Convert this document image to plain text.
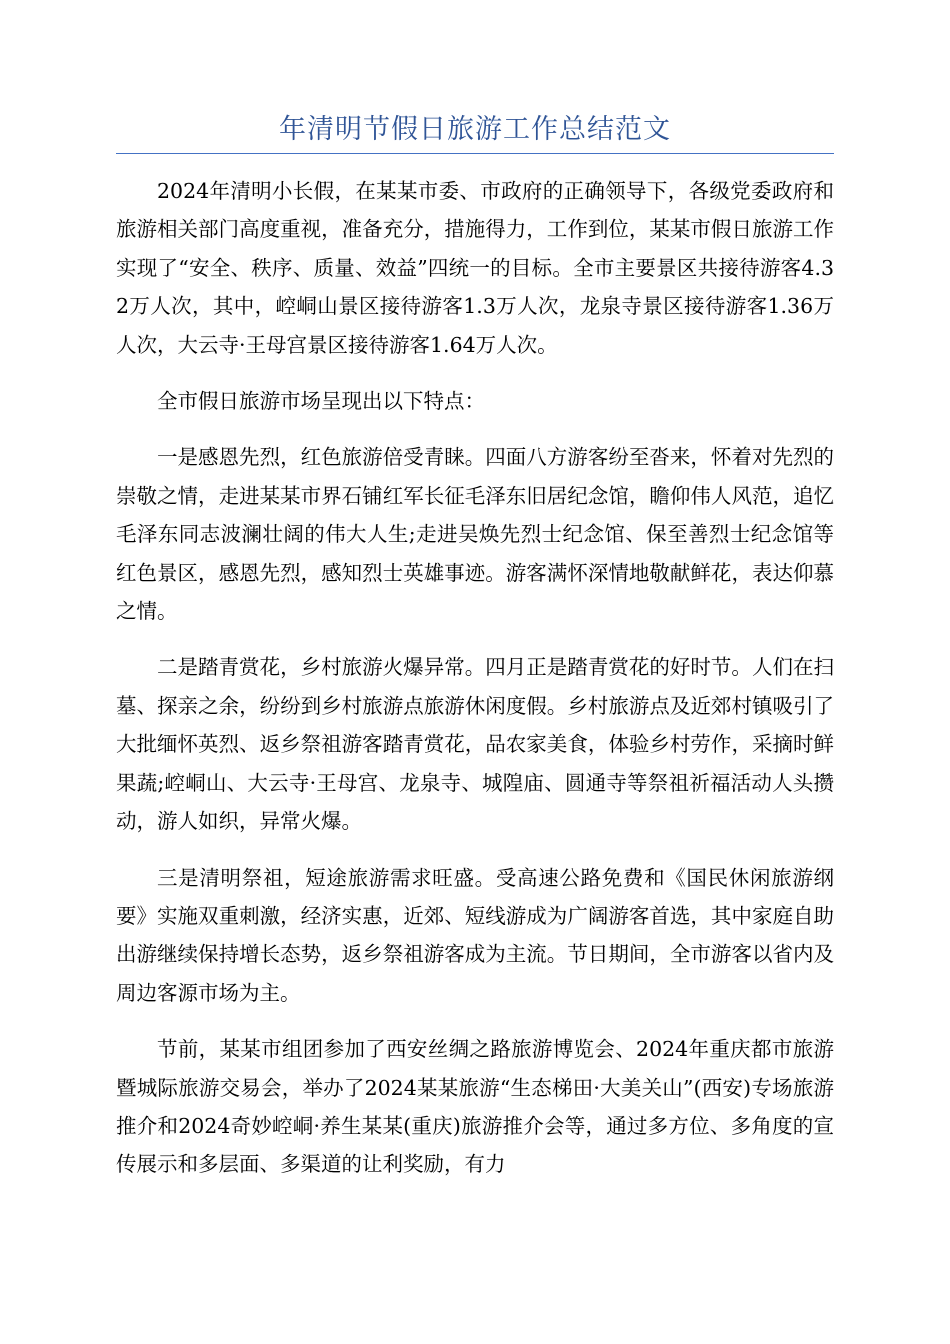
年清明节假日旅游工作总结范文

2024年清明小长假，在某某市委、市政府的正确领导下，各级党委政府和旅游相关部门高度重视，准备充分，措施得力，工作到位，某某市假日旅游工作实现了“安全、秩序、质量、效益”四统一的目标。全市主要景区共接待游客4.32万人次，其中，崆峒山景区接待游客1.3万人次，龙泉寺景区接待游客1.36万人次，大云寺·王母宫景区接待游客1.64万人次。

全市假日旅游市场呈现出以下特点：

一是感恩先烈，红色旅游倍受青睐。四面八方游客纷至沓来，怀着对先烈的崇敬之情，走进某某市界石铺红军长征毛泽东旧居纪念馆，瞻仰伟人风范，追忆毛泽东同志波澜壮阔的伟大人生;走进吴焕先烈士纪念馆、保至善烈士纪念馆等红色景区，感恩先烈，感知烈士英雄事迹。游客满怀深情地敬献鲜花，表达仰慕之情。

二是踏青赏花，乡村旅游火爆异常。四月正是踏青赏花的好时节。人们在扫墓、探亲之余，纷纷到乡村旅游点旅游休闲度假。乡村旅游点及近郊村镇吸引了大批缅怀英烈、返乡祭祖游客踏青赏花，品农家美食，体验乡村劳作，采摘时鲜果蔬;崆峒山、大云寺·王母宫、龙泉寺、城隍庙、圆通寺等祭祖祈福活动人头攒动，游人如织，异常火爆。

三是清明祭祖，短途旅游需求旺盛。受高速公路免费和《国民休闲旅游纲要》实施双重刺激，经济实惠，近郊、短线游成为广阔游客首选，其中家庭自助出游继续保持增长态势，返乡祭祖游客成为主流。节日期间，全市游客以省内及周边客源市场为主。

节前，某某市组团参加了西安丝绸之路旅游博览会、2024年重庆都市旅游暨城际旅游交易会，举办了2024某某旅游“生态梯田·大美关山”(西安)专场旅游推介和2024奇妙崆峒·养生某某(重庆)旅游推介会等，通过多方位、多角度的宣传展示和多层面、多渠道的让利奖励，有力
